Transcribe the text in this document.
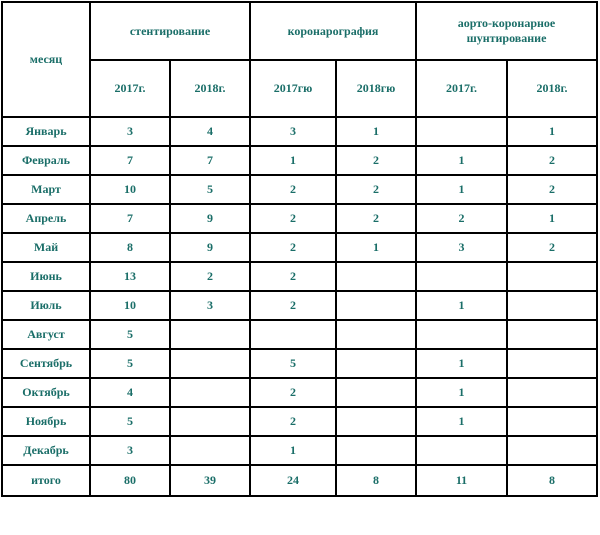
месяц	стентирование		коронарография		аорто-коронарное шунтирование	
	2017г.	2018г.	2017гю	2018гю	2017г.	2018г.
Январь	3	4	3	1		1
Февраль	7	7	1	2	1	2
Март	10	5	2	2	1	2
Апрель	7	9	2	2	2	1
Май	8	9	2	1	3	2
Июнь	13	2	2			
Июль	10	3	2		1	
Август	5					
Сентябрь	5		5		1	
Октябрь	4		2		1	
Ноябрь	5		2		1	
Декабрь	3		1			
итого	80	39	24	8	11	8
